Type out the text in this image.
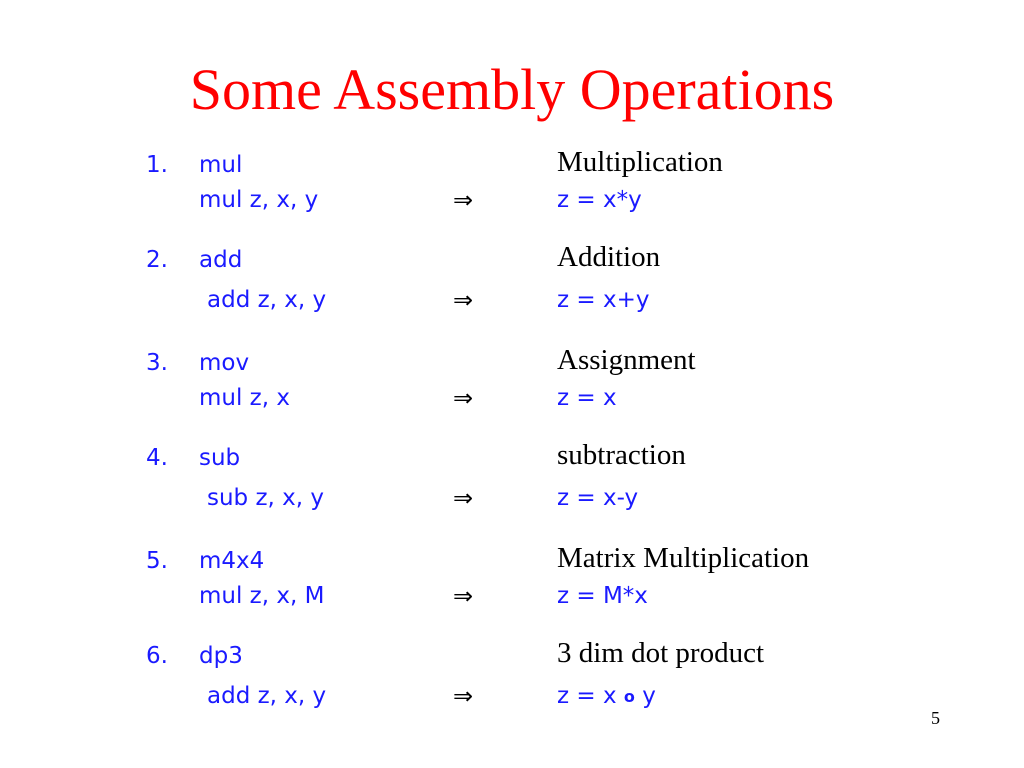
Some Assembly Operations
1. mul	Multiplication
mul z, x, y	⇒	z = x*y
2. add	Addition
add z, x, y	⇒	z = x+y
3. mov	Assignment
mul z, x	⇒	z = x
4. sub	subtraction
sub z, x, y	⇒	z = x-y
5. m4x4	Matrix Multiplication
mul z, x, M	⇒	z = M*x
6. dp3	3 dim dot product
add z, x, y	⇒	z = x o y
5
